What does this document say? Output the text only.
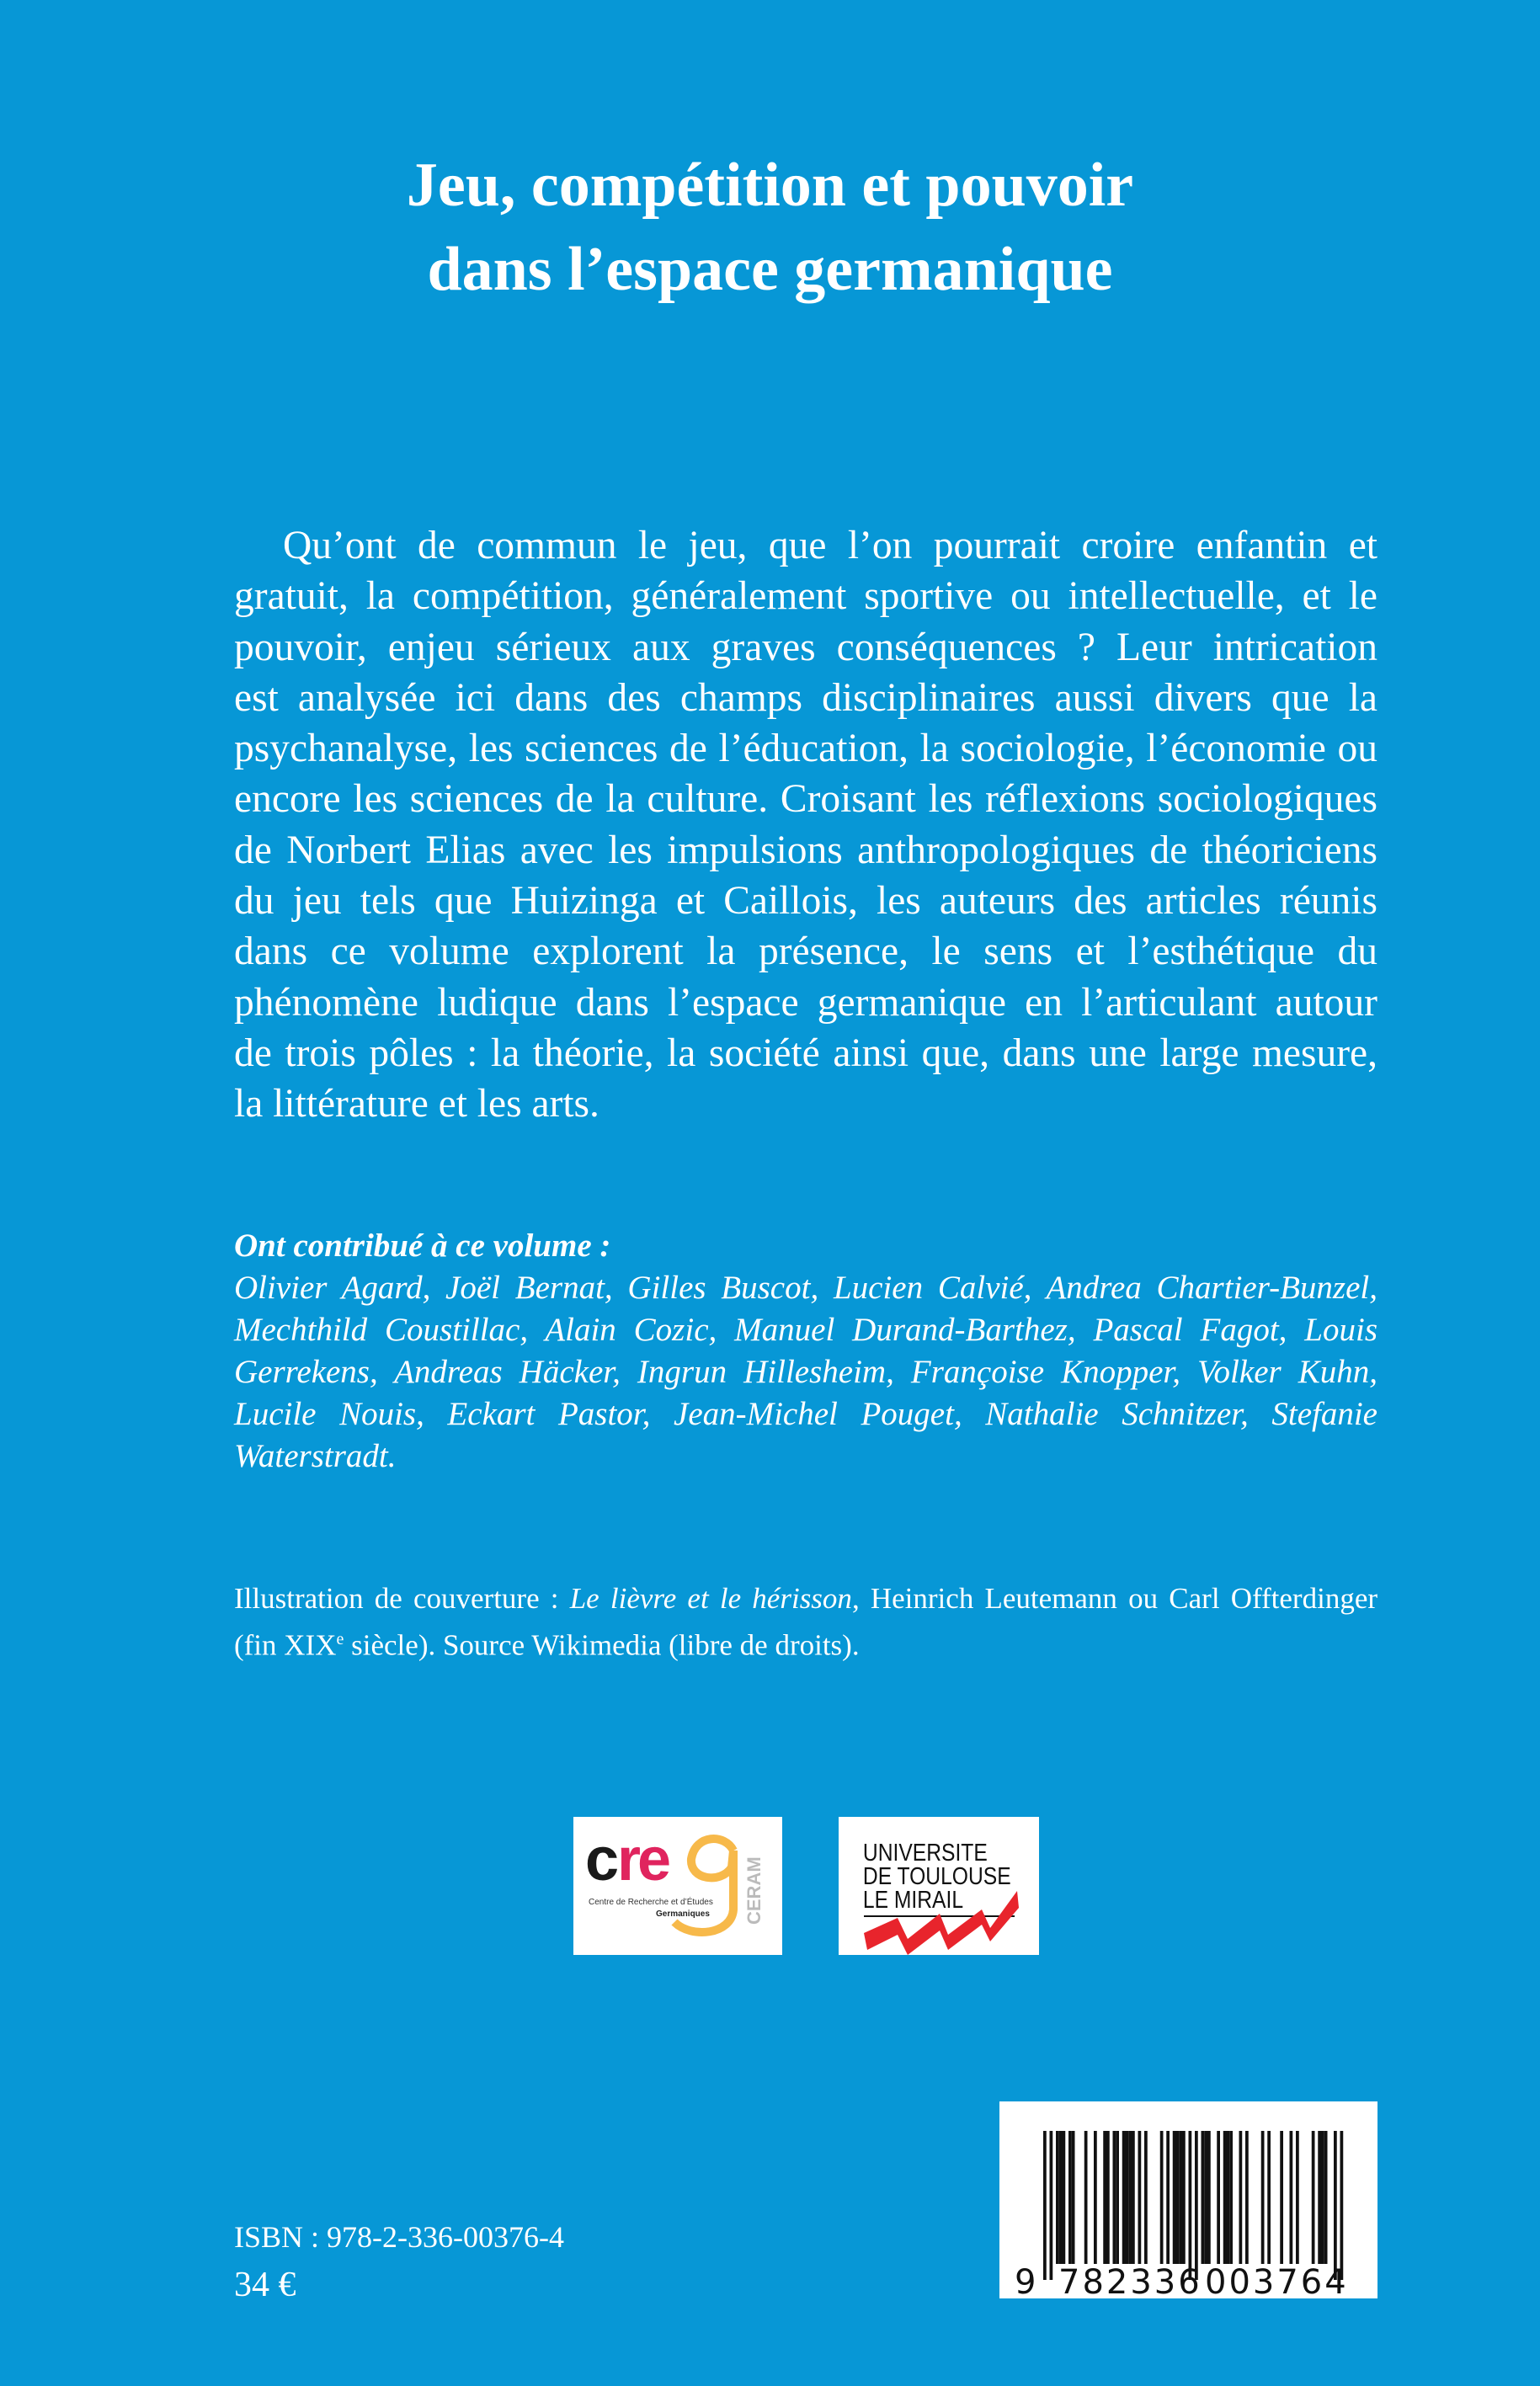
Jeu, compétition et pouvoir
dans l’espace germanique
Qu’ont de commun le jeu, que l’on pourrait croire enfantin et
gratuit, la compétition, généralement sportive ou intellectuelle, et le
pouvoir, enjeu sérieux aux graves conséquences ? Leur intrication
est analysée ici dans des champs disciplinaires aussi divers que la
psychanalyse, les sciences de l’éducation, la sociologie, l’économie ou
encore les sciences de la culture. Croisant les réflexions sociologiques
de Norbert Elias avec les impulsions anthropologiques de théoriciens
du jeu tels que Huizinga et Caillois, les auteurs des articles réunis
dans ce volume explorent la présence, le sens et l’esthétique du
phénomène ludique dans l’espace germanique en l’articulant autour
de trois pôles : la théorie, la société ainsi que, dans une large mesure,
la littérature et les arts.
Ont contribué à ce volume :
Olivier Agard, Joël Bernat, Gilles Buscot, Lucien Calvié, Andrea Chartier-Bunzel,
Mechthild Coustillac, Alain Cozic, Manuel Durand-Barthez, Pascal Fagot, Louis
Gerrekens, Andreas Häcker, Ingrun Hillesheim, Françoise Knopper, Volker Kuhn,
Lucile Nouis, Eckart Pastor, Jean-Michel Pouget, Nathalie Schnitzer, Stefanie
Waterstradt.
Illustration de couverture : Le lièvre et le hérisson, Heinrich Leutemann ou Carl Offterdinger
(fin XIXe siècle). Source Wikimedia (libre de droits).
c re
Centre de Recherche et d’Études
Germaniques CERAM
UNIVERSITE
DE TOULOUSE
LE MIRAIL
9 782336 003764
ISBN : 978-2-336-00376-4
34 €
